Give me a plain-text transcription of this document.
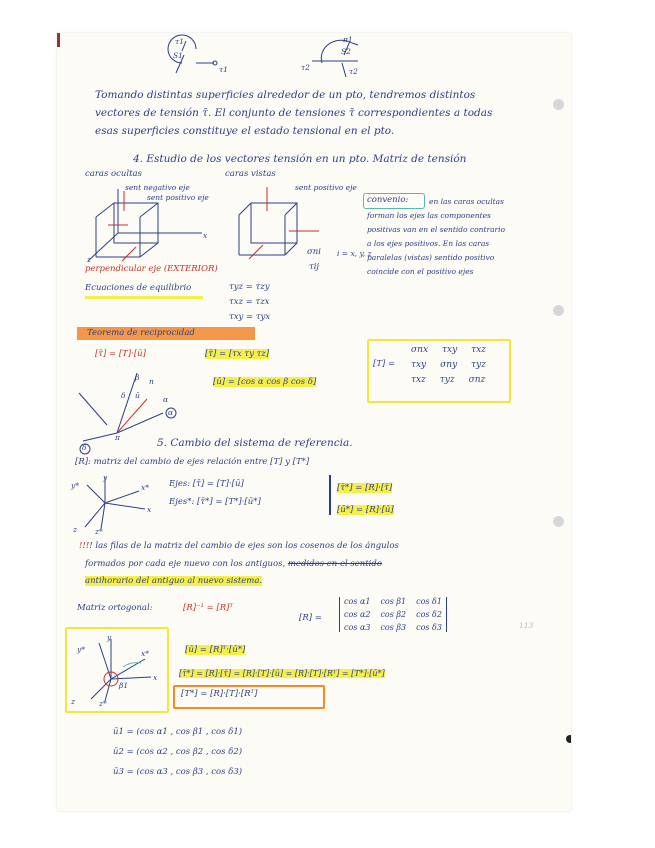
τ1
S1
τ1
π1
S2
τ2	τ2
Tomando distintas superficies alrededor de un pto, tendremos distintos
vectores de tensión τ̄. El conjunto de tensiones τ̄ correspondientes a todas
esas superficies constituye el estado tensional en el pto.
4. Estudio de los vectores tensión en un pto. Matriz de tensión
caras ocultas	caras vistas
sent negativo eje	sent positivo eje
sent positivo eje
z
x
σni i = x, y, z
τij
perpendicular eje (EXTERIOR)
convenio:	en las caras ocultas
forman los ejes las componentes
positivas van en el sentido contrario
a los ejes positivos. En las caras
paralelas (vistas) sentido positivo
coincide con el positivo ejes
Ecuaciones de equilibrio	τyz = τzy
τxz = τzx
τxy = τyx
Teorema de reciprocidad
[τ̄] = [T]·[ū]	[τ̄] = [τx τy τz]
[ū] = [cos α cos β cos δ]
[T] =
σnx τxy τxz
τxy σny τyz
τxz τyz σnz
β
δ	α
n
ū
α
δ
π	5. Cambio del sistema de referencia.
[R]: matriz del cambio de ejes relación entre [T] y [T*]
y*
y
x*
x
z z*
Ejes: [τ̄] = [T]·[ū]
Ejes*: [τ̄*] = [T*]·[ū*]
[τ̄*] = [R]·[τ̄]
[ū*] = [R]·[ū]
!!!! las filas de la matriz del cambio de ejes son los cosenos de los ángulos
formados por cada eje nuevo con los antiguos, medidos en el sentido
antihorario del antiguo al nuevo sistema.
Matriz ortogonal:	[R]⁻¹ = [R]ᵀ
[R] =
cos α1 cos β1 cos δ1
cos α2 cos β2 cos δ2
cos α3 cos β3 cos δ3	113
y*
y
x*
β1
x
z	z*
[ū] = [R]ᵀ·[ū*]
[τ̄*] = [R]·[τ̄] = [R]·[T]·[ū] = [R]·[T]·[Rᵀ] = [T*]·[ū*]
[T*] = [R]·[T]·[Rᵀ]
ū1 = (cos α1 , cos β1 , cos δ1)
ū2 = (cos α2 , cos β2 , cos δ2)
ū3 = (cos α3 , cos β3 , cos δ3)
